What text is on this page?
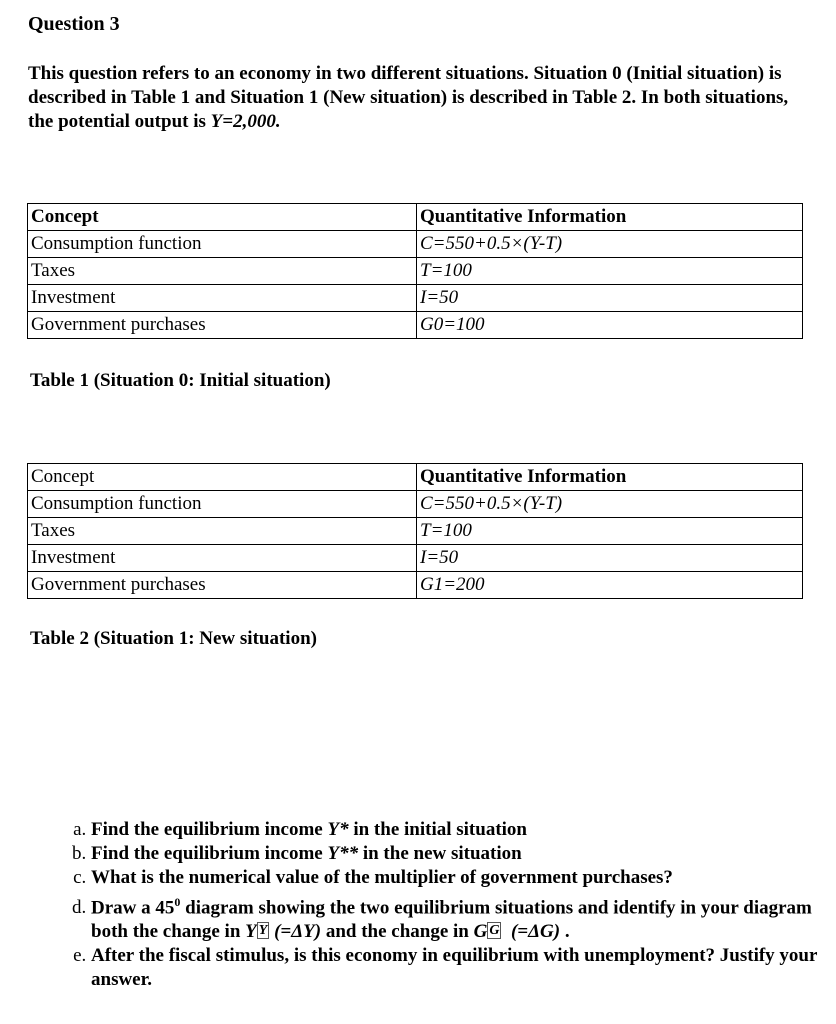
Question 3
This question refers to an economy in two different situations. Situation 0 (Initial situation) is described in Table 1 and Situation 1 (New situation) is described in Table 2. In both situations, the potential output is Y=2,000.
Concept	Quantitative Information
Consumption function	C=550+0.5×(Y-T)
Taxes	T=100
Investment	I=50
Government purchases	G0=100
Table 1 (Situation 0: Initial situation)
Concept	Quantitative Information
Consumption function	C=550+0.5×(Y-T)
Taxes	T=100
Investment	I=50
Government purchases	G1=200
Table 2 (Situation 1: New situation)
a. Find the equilibrium income Y* in the initial situation
b. Find the equilibrium income Y** in the new situation
c. What is the numerical value of the multiplier of government purchases?
d. Draw a $45^0$ diagram showing the two equilibrium situations and identify in your diagram both the change in Y Y (=ΔY) and the change in G G  (=ΔG) .
e. After the fiscal stimulus, is this economy in equilibrium with unemployment? Justify your answer.
